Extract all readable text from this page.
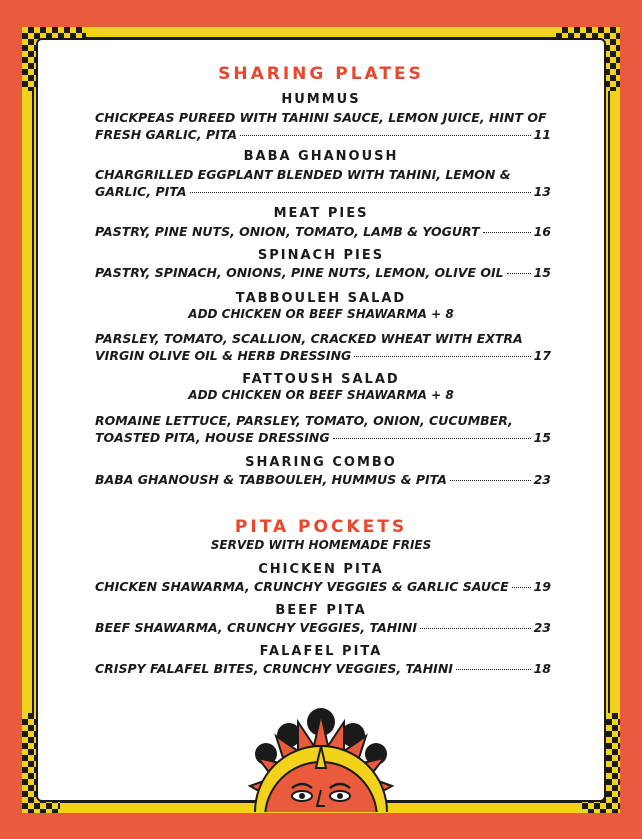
SHARING PLATES
HUMMUS
CHICKPEAS PUREED WITH TAHINI SAUCE, LEMON JUICE, HINT OF
FRESH GARLIC, PITA	11
BABA GHANOUSH
CHARGRILLED EGGPLANT BLENDED WITH TAHINI, LEMON &
GARLIC, PITA	13
MEAT PIES
PASTRY, PINE NUTS, ONION, TOMATO, LAMB & YOGURT	16
SPINACH PIES
PASTRY, SPINACH, ONIONS, PINE NUTS, LEMON, OLIVE OIL 15
TABBOULEH SALAD
ADD CHICKEN OR BEEF SHAWARMA + 8
PARSLEY, TOMATO, SCALLION, CRACKED WHEAT WITH EXTRA
VIRGIN OLIVE OIL & HERB DRESSING	17
FATTOUSH SALAD
ADD CHICKEN OR BEEF SHAWARMA + 8
ROMAINE LETTUCE, PARSLEY, TOMATO, ONION, CUCUMBER,
TOASTED PITA, HOUSE DRESSING	15
SHARING COMBO
BABA GHANOUSH & TABBOULEH, HUMMUS & PITA	23
PITA POCKETS
SERVED WITH HOMEMADE FRIES
CHICKEN PITA
CHICKEN SHAWARMA, CRUNCHY VEGGIES & GARLIC SAUCE 19
BEEF PITA
BEEF SHAWARMA, CRUNCHY VEGGIES, TAHINI	23
FALAFEL PITA
CRISPY FALAFEL BITES, CRUNCHY VEGGIES, TAHINI	18
